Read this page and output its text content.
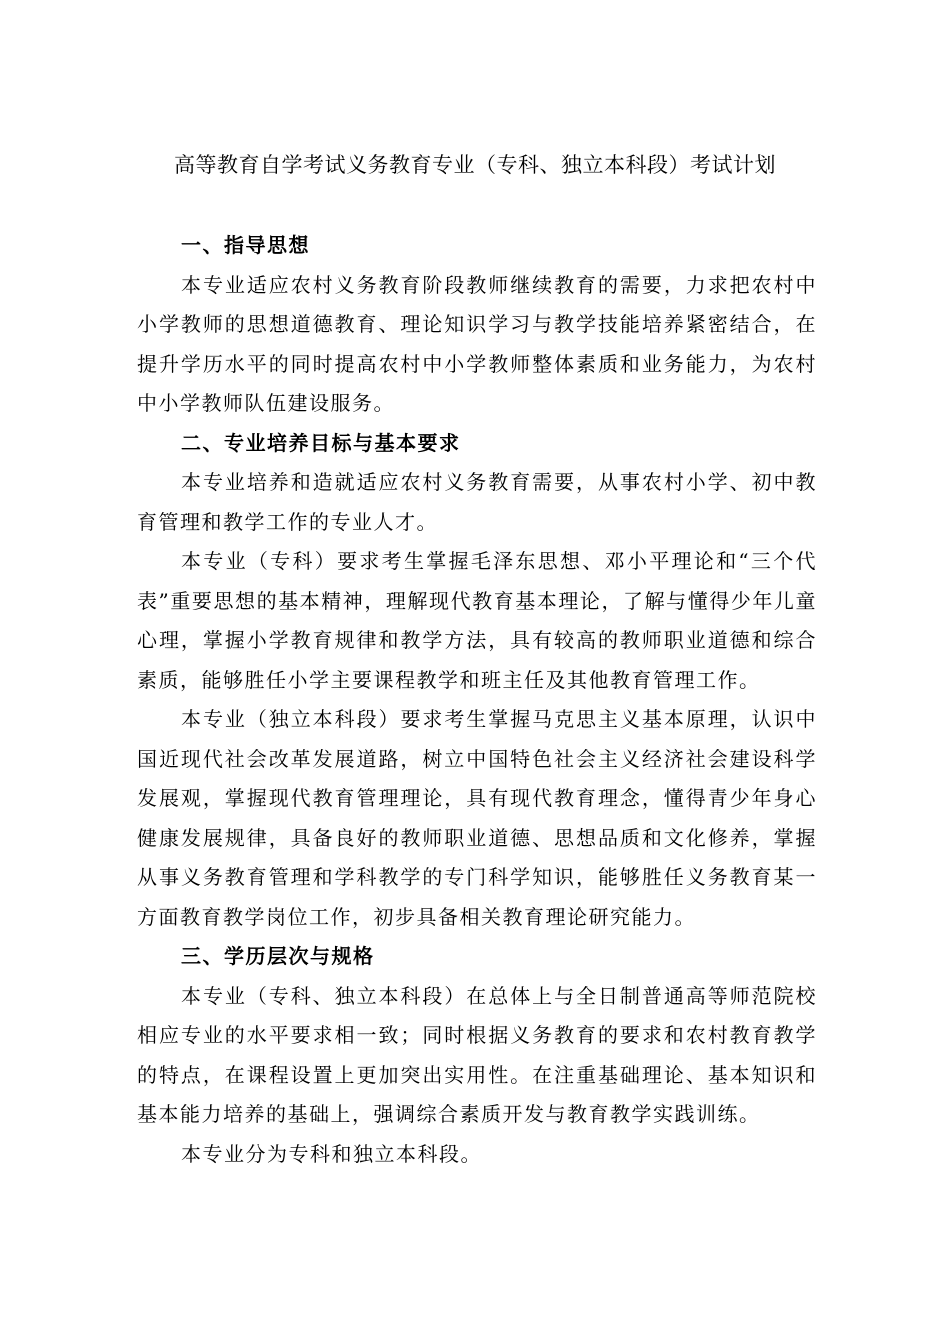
高等教育自学考试义务教育专业（专科、独立本科段）考试计划

一、指导思想

本专业适应农村义务教育阶段教师继续教育的需要，力求把农村中小学教师的思想道德教育、理论知识学习与教学技能培养紧密结合，在提升学历水平的同时提高农村中小学教师整体素质和业务能力，为农村中小学教师队伍建设服务。

二、专业培养目标与基本要求

本专业培养和造就适应农村义务教育需要，从事农村小学、初中教育管理和教学工作的专业人才。

本专业（专科）要求考生掌握毛泽东思想、邓小平理论和“三个代表”重要思想的基本精神，理解现代教育基本理论，了解与懂得少年儿童心理，掌握小学教育规律和教学方法，具有较高的教师职业道德和综合素质，能够胜任小学主要课程教学和班主任及其他教育管理工作。

本专业（独立本科段）要求考生掌握马克思主义基本原理，认识中国近现代社会改革发展道路，树立中国特色社会主义经济社会建设科学发展观，掌握现代教育管理理论，具有现代教育理念，懂得青少年身心健康发展规律，具备良好的教师职业道德、思想品质和文化修养，掌握从事义务教育管理和学科教学的专门科学知识，能够胜任义务教育某一方面教育教学岗位工作，初步具备相关教育理论研究能力。

三、学历层次与规格

本专业（专科、独立本科段）在总体上与全日制普通高等师范院校相应专业的水平要求相一致；同时根据义务教育的要求和农村教育教学的特点，在课程设置上更加突出实用性。在注重基础理论、基本知识和基本能力培养的基础上，强调综合素质开发与教育教学实践训练。

本专业分为专科和独立本科段。
